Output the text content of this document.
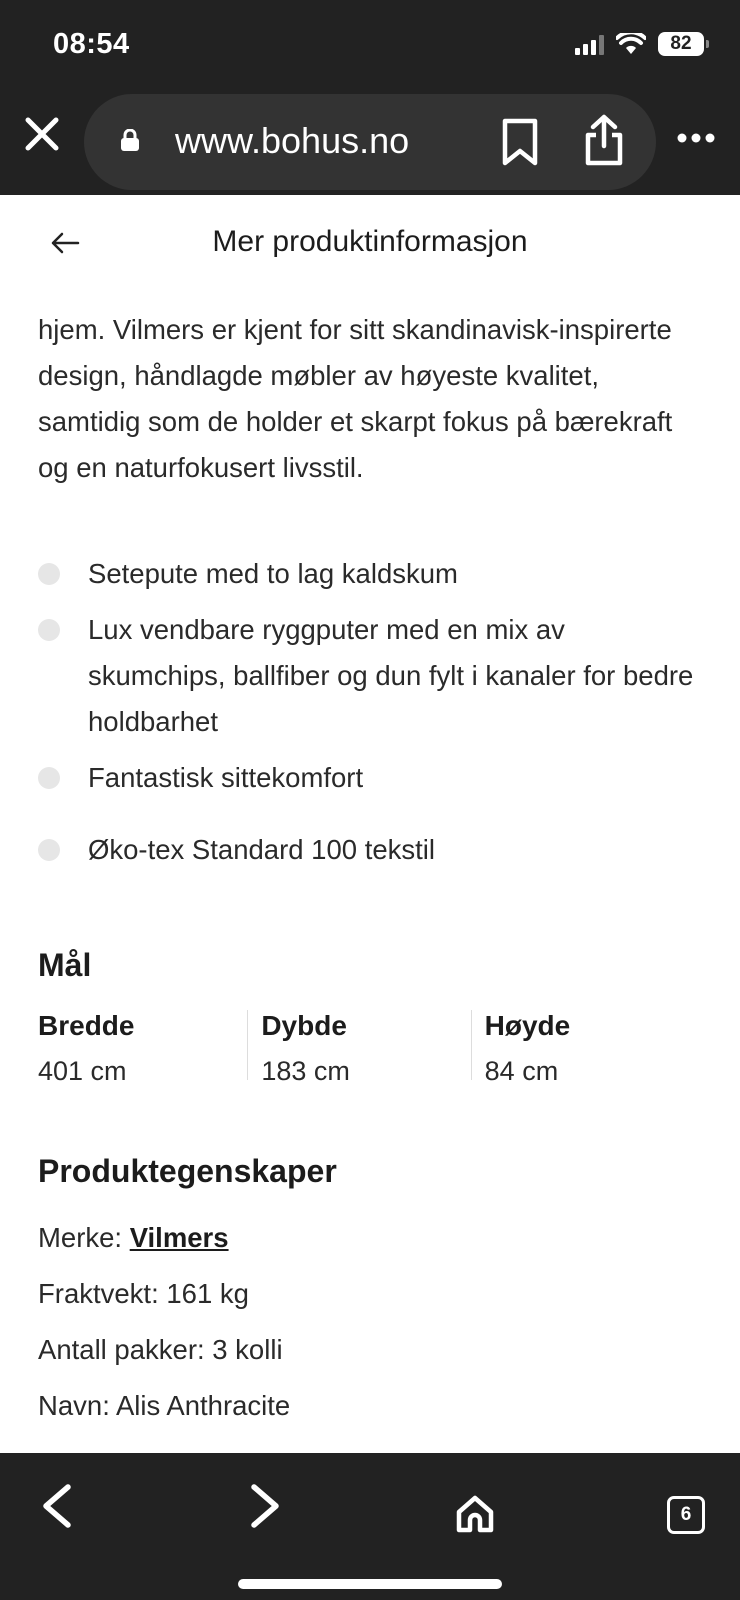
08:54	82
www.bohus.no
Mer produktinformasjon

hjem. Vilmers er kjent for sitt skandinavisk-inspirerte design, håndlagde møbler av høyeste kvalitet, samtidig som de holder et skarpt fokus på bærekraft og en naturfokusert livsstil.

Setepute med to lag kaldskum
Lux vendbare ryggputer med en mix av skumchips, ballfiber og dun fylt i kanaler for bedre holdbarhet
Fantastisk sittekomfort
Øko-tex Standard 100 tekstil
Mål
Bredde
401 cm
Dybde
183 cm
Høyde
84 cm
Produktegenskaper
Merke: Vilmers
Fraktvekt: 161 kg
Antall pakker: 3 kolli
Navn: Alis Anthracite
6
